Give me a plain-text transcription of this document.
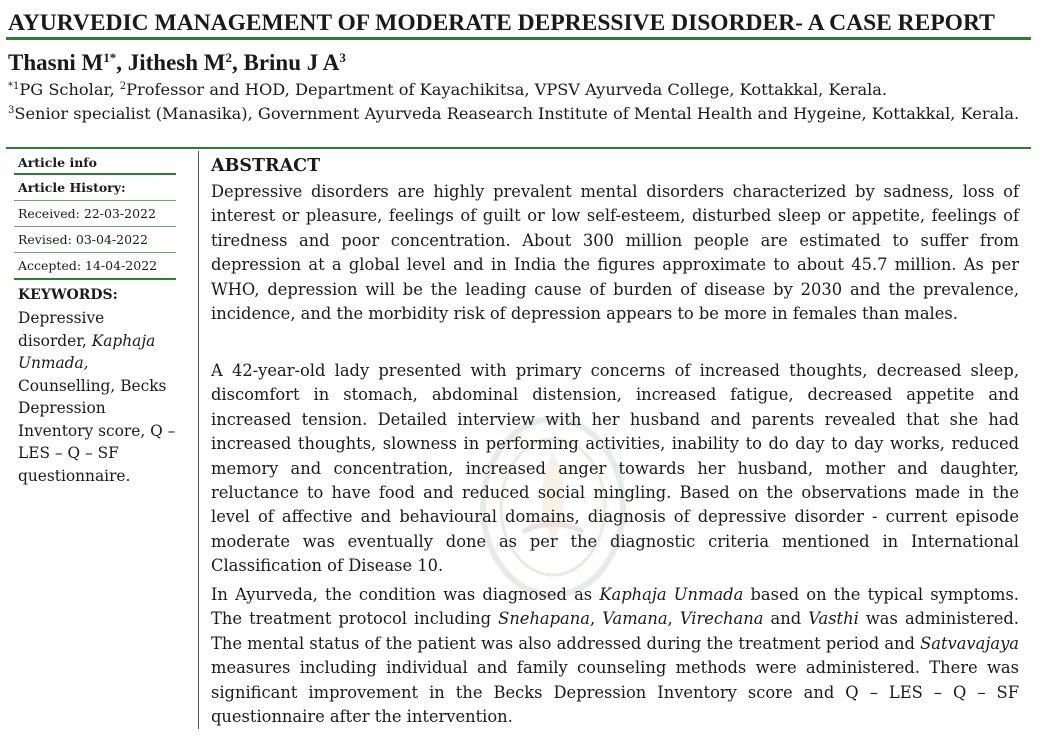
AYURVEDIC MANAGEMENT OF MODERATE DEPRESSIVE DISORDER- A CASE REPORT
Thasni $M^{1*}$, Jithesh $M^2$, Brinu J $A^3$
$^{*1}$PG Scholar, $^2$Professor and HOD, Department of Kayachikitsa, VPSV Ayurveda College, Kottakkal, Kerala.
$^3$Senior specialist (Manasika), Government Ayurveda Reasearch Institute of Mental Health and Hygeine, Kottakkal, Kerala.
Article info
Article History:
Received: 22-03-2022
Revised: 03-04-2022
Accepted: 14-04-2022
KEYWORDS:
Depressive disorder, Kaphaja Unmada, Counselling, Becks Depression Inventory score, Q – LES – Q – SF questionnaire.
ABSTRACT

Depressive disorders are highly prevalent mental disorders characterized by sadness, loss of interest or pleasure, feelings of guilt or low self-esteem, disturbed sleep or appetite, feelings of tiredness and poor concentration. About 300 million people are estimated to suffer from depression at a global level and in India the figures approximate to about 45.7 million. As per WHO, depression will be the leading cause of burden of disease by 2030 and the prevalence, incidence, and the morbidity risk of depression appears to be more in females than males.

A 42-year-old lady presented with primary concerns of increased thoughts, decreased sleep, discomfort in stomach, abdominal distension, increased fatigue, decreased appetite and increased tension. Detailed interview with her husband and parents revealed that she had increased thoughts, slowness in performing activities, inability to do day to day works, reduced memory and concentration, increased anger towards her husband, mother and daughter, reluctance to have food and reduced social mingling. Based on the observations made in the level of affective and behavioural domains, diagnosis of depressive disorder - current episode moderate was eventually done as per the diagnostic criteria mentioned in International Classification of Disease 10.

In Ayurveda, the condition was diagnosed as Kaphaja Unmada based on the typical symptoms. The treatment protocol including Snehapana, Vamana, Virechana and Vasthi was administered. The mental status of the patient was also addressed during the treatment period and Satvavajaya measures including individual and family counseling methods were administered. There was significant improvement in the Becks Depression Inventory score and Q – LES – Q – SF questionnaire after the intervention.
